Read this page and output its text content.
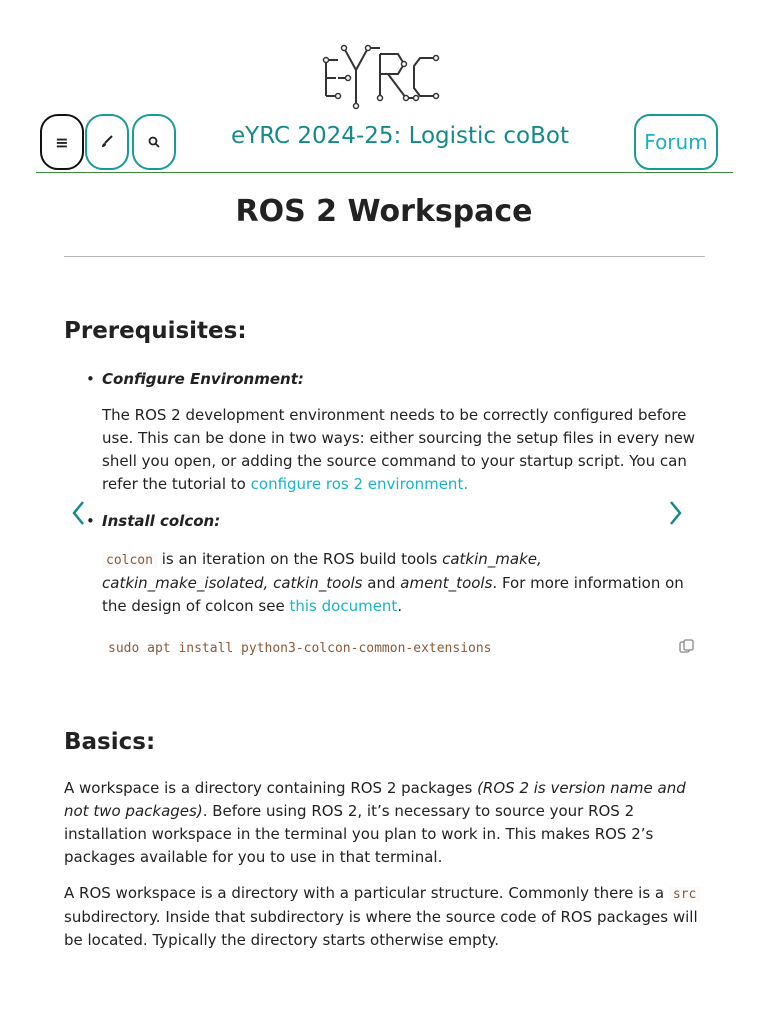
≡	eYRC 2024-25: Logistic coBot	Forum
ROS 2 Workspace
Prerequisites:
• Configure Environment:

The ROS 2 development environment needs to be correctly configured before use. This can be done in two ways: either sourcing the setup files in every new shell you open, or adding the source command to your startup script. You can refer the tutorial to configure ros 2 environment.

• Install colcon:

colcon is an iteration on the ROS build tools catkin_make, catkin_make_isolated, catkin_tools and ament_tools. For more information on the design of colcon see this document.

sudo apt install python3-colcon-common-extensions
Basics:

A workspace is a directory containing ROS 2 packages (ROS 2 is version name and not two packages). Before using ROS 2, it’s necessary to source your ROS 2 installation workspace in the terminal you plan to work in. This makes ROS 2’s packages available for you to use in that terminal.

A ROS workspace is a directory with a particular structure. Commonly there is a src subdirectory. Inside that subdirectory is where the source code of ROS packages will be located. Typically the directory starts otherwise empty.
